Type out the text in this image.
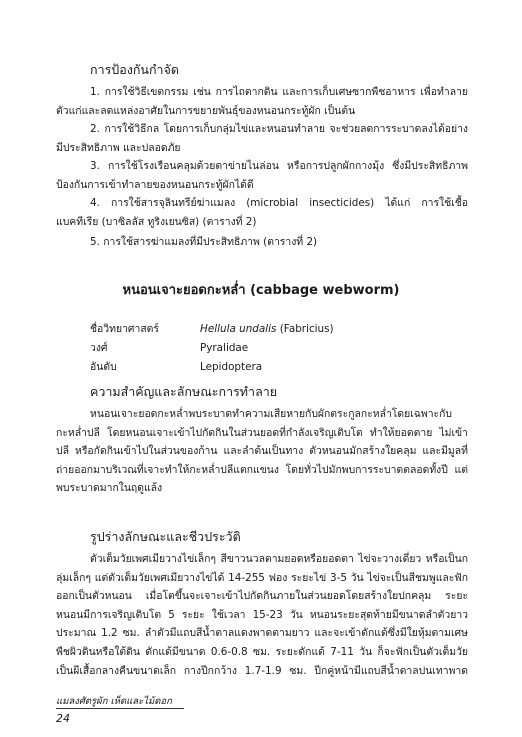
การป้องกันกำจัด

1. การใช้วิธีเขตกรรม เช่น การไถตากดิน และการเก็บเศษซากพืชอาหาร เพื่อทำลายตัวแก่และลดแหล่งอาศัยในการขยายพันธุ์ของหนอนกระทู้ผัก เป็นต้น

2. การใช้วิธีกล โดยการเก็บกลุ่มไข่และหนอนทำลาย จะช่วยลดการระบาดลงได้อย่างมีประสิทธิภาพ และปลอดภัย

3. การใช้โรงเรือนคลุมด้วยตาข่ายไนล่อน หรือการปลูกผักกางมุ้ง ซึ่งมีประสิทธิภาพป้องกันการเข้าทำลายของหนอนกระทู้ผักได้ดี

4. การใช้สารจุลินทรีย์ฆ่าแมลง (microbial insecticides) ได้แก่ การใช้เชื้อแบคทีเรีย (บาซิลลัส ทูริงเยนซิส) (ตารางที่ 2)

5. การใช้สารฆ่าแมลงที่มีประสิทธิภาพ (ตารางที่ 2)

หนอนเจาะยอดกะหล่ำ (cabbage webworm)
ชื่อวิทยาศาสตร์	Hellula undalis (Fabricius)
วงศ์	Pyralidae
อันดับ	Lepidoptera
ความสำคัญและลักษณะการทำลาย

หนอนเจาะยอดกะหล่ำพบระบาดทำความเสียหายกับผักตระกูลกะหล่ำโดยเฉพาะกับกะหล่ำปลี โดยหนอนเจาะเข้าไปกัดกินในส่วนยอดที่กำลังเจริญเติบโต ทำให้ยอดตาย ไม่เข้าปลี หรือกัดกินเข้าไปในส่วนของก้าน และลำต้นเป็นทาง ตัวหนอนมักสร้างใยคลุม และมีมูลที่ถ่ายออกมาบริเวณที่เจาะทำให้กะหล่ำปลีแตกแขนง โดยทั่วไปมักพบการระบาดตลอดทั้งปี แต่พบระบาดมากในฤดูแล้ง

รูปร่างลักษณะและชีวประวัติ

ตัวเต็มวัยเพศเมียวางไข่เล็กๆ สีขาวนวลตามยอดหรือยอดตา ไข่จะวางเดี่ยว หรือเป็นกลุ่มเล็กๆ แต่ตัวเต็มวัยเพศเมียวางไข่ได้ 14-255 ฟอง ระยะไข่ 3-5 วัน ไข่จะเป็นสีชมพูและฟักออกเป็นตัวหนอน เมื่อโตขึ้นจะเจาะเข้าไปกัดกินภายในส่วนยอดโดยสร้างใยปกคลุม ระยะหนอนมีการเจริญเติบโต 5 ระยะ ใช้เวลา 15-23 วัน หนอนระยะสุดท้ายมีขนาดลำตัวยาวประมาณ 1.2 ซม. ลำตัวมีแถบสีน้ำตาลแดงพาดตามยาว และจะเข้าดักแด้ซึ่งมีใยหุ้มตามเศษพืชผิวดินหรือใต้ดิน ดักแด้มีขนาด 0.6-0.8 ซม. ระยะดักแด้ 7-11 วัน ก็จะฟักเป็นตัวเต็มวัย เป็นผีเสื้อกลางคืนขนาดเล็ก กางปีกกว้าง 1.7-1.9 ซม. ปีกคู่หน้ามีแถบสีน้ำตาลปนเทาพาด

แมลงศัตรูผัก เห็ดและไม้ดอก
24
